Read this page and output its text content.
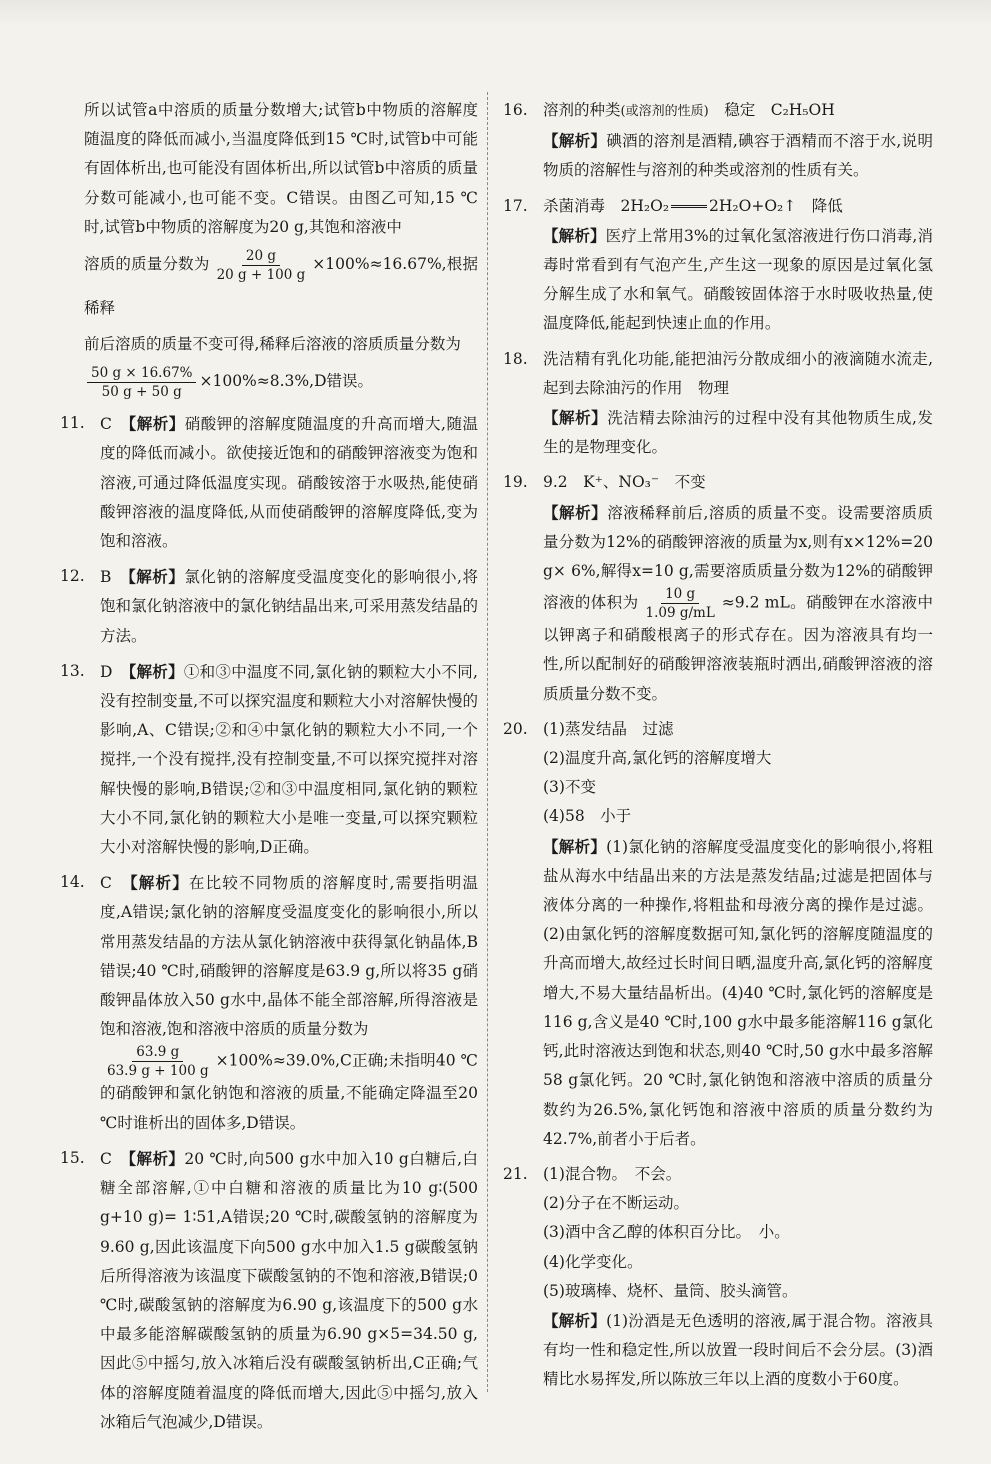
所以试管a中溶质的质量分数增大;试管b中物质的溶解度随温度的降低而减小,当温度降低到15 ℃时,试管b中可能有固体析出,也可能没有固体析出,所以试管b中溶质的质量分数可能减小,也可能不变。C错误。由图乙可知,15 ℃时,试管b中物质的溶解度为20 g,其饱和溶液中

溶质的质量分数为 $\frac{20 g}{20 g + 100 g} \times 100\%\approx 16.67\%$,根据稀释

前后溶质的质量不变可得,稀释后溶液的溶质质量分数为

$\frac{50 g \times 16.67\%}{50 g + 50 g} \times 100\%\approx 8.3\%,D$错误。

11. C　 【解析】硝酸钾的溶解度随温度的升高而增大,随温度的降低而减小。欲使接近饱和的硝酸钾溶液变为饱和溶液,可通过降低温度实现。硝酸铵溶于水吸热,能使硝酸钾溶液的温度降低,从而使硝酸钾的溶解度降低,变为饱和溶液。
12. B　 【解析】氯化钠的溶解度受温度变化的影响很小,将饱和氯化钠溶液中的氯化钠结晶出来,可采用蒸发结晶的方法。
13. D　 【解析】①和③中温度不同,氯化钠的颗粒大小不同,没有控制变量,不可以探究温度和颗粒大小对溶解快慢的影响,A、C错误;②和④中氯化钠的颗粒大小不同,一个搅拌,一个没有搅拌,没有控制变量,不可以探究搅拌对溶解快慢的影响,B错误;②和③中温度相同,氯化钠的颗粒大小不同,氯化钠的颗粒大小是唯一变量,可以探究颗粒大小对溶解快慢的影响,D正确。
14. C　 【解析】在比较不同物质的溶解度时,需要指明温度,A错误;氯化钠的溶解度受温度变化的影响很小,所以常用蒸发结晶的方法从氯化钠溶液中获得氯化钠晶体,B错误;40 ℃时,硝酸钾的溶解度是63.9 g,所以将35 g硝酸钾晶体放入50 g水中,晶体不能全部溶解,所得溶液是饱和溶液,饱和溶液中溶质的质量分数为

$\frac{63.9 g}{63.9 g + 100 g} \times 100\%\approx 39.0\%,C$正确;未指明40 ℃的硝酸钾和氯化钠饱和溶液的质量,不能确定降温至20 ℃时谁析出的固体多,D错误。
15. C　 【解析】20 ℃时,向500 g水中加入10 g白糖后,白糖全部溶解,①中白糖和溶液的质量比为10 g∶(500 g+10 g)= 1∶51,A错误;20 ℃时,碳酸氢钠的溶解度为9.60 g,因此该温度下向500 g水中加入1.5 g碳酸氢钠后所得溶液为该温度下碳酸氢钠的不饱和溶液,B错误;0 ℃时,碳酸氢钠的溶解度为6.90 g,该温度下的500 g水中最多能溶解碳酸氢钠的质量为6.90 g×5=34.50 g,因此⑤中摇匀,放入冰箱后没有碳酸氢钠析出,C正确;气体的溶解度随着温度的降低而增大,因此⑤中摇匀,放入冰箱后气泡减少,D错误。
16. 溶剂的种类(或溶剂的性质)　 稳定　 C₂H₅OH
【解析】碘酒的溶剂是酒精,碘容于酒精而不溶于水,说明物质的溶解性与溶剂的种类或溶剂的性质有关。
17. 杀菌消毒　 2H₂O₂	2H₂O+O₂↑　 降低
【解析】医疗上常用3%的过氧化氢溶液进行伤口消毒,消毒时常看到有气泡产生,产生这一现象的原因是过氧化氢分解生成了水和氧气。硝酸铵固体溶于水时吸收热量,使温度降低,能起到快速止血的作用。
18. 洗洁精有乳化功能,能把油污分散成细小的液滴随水流走,起到去除油污的作用　物理
【解析】洗洁精去除油污的过程中没有其他物质生成,发生的是物理变化。
19. 9.2　K⁺、NO₃⁻　不变
【解析】溶液稀释前后,溶质的质量不变。设需要溶质质量分数为12%的硝酸钾溶液的质量为x,则有x×12%=20 g× 6%,解得x=10 g,需要溶质质量分数为12%的硝酸钾溶液的体积为 $\frac{10 g}{1.09 g/mL} \approx 9.2$ mL。硝酸钾在水溶液中以钾离子和硝酸根离子的形式存在。因为溶液具有均一性,所以配制好的硝酸钾溶液装瓶时洒出,硝酸钾溶液的溶质质量分数不变。
20. (1)蒸发结晶　过滤
(2)温度升高,氯化钙的溶解度增大
(3)不变
(4)58　小于
【解析】(1)氯化钠的溶解度受温度变化的影响很小,将粗盐从海水中结晶出来的方法是蒸发结晶;过滤是把固体与液体分离的一种操作,将粗盐和母液分离的操作是过滤。(2)由氯化钙的溶解度数据可知,氯化钙的溶解度随温度的升高而增大,故经过长时间日晒,温度升高,氯化钙的溶解度增大,不易大量结晶析出。(4)40 ℃时,氯化钙的溶解度是116 g,含义是40 ℃时,100 g水中最多能溶解116 g氯化钙,此时溶液达到饱和状态,则40 ℃时,50 g水中最多溶解58 g氯化钙。20 ℃时,氯化钠饱和溶液中溶质的质量分数约为26.5%,氯化钙饱和溶液中溶质的质量分数约为42.7%,前者小于后者。
21. (1)混合物。　不会。
(2)分子在不断运动。
(3)酒中含乙醇的体积百分比。　小。
(4)化学变化。
(5)玻璃棒、烧杯、量筒、胶头滴管。
【解析】(1)汾酒是无色透明的溶液,属于混合物。溶液具有均一性和稳定性,所以放置一段时间后不会分层。(3)酒精比水易挥发,所以陈放三年以上酒的度数小于60度。
